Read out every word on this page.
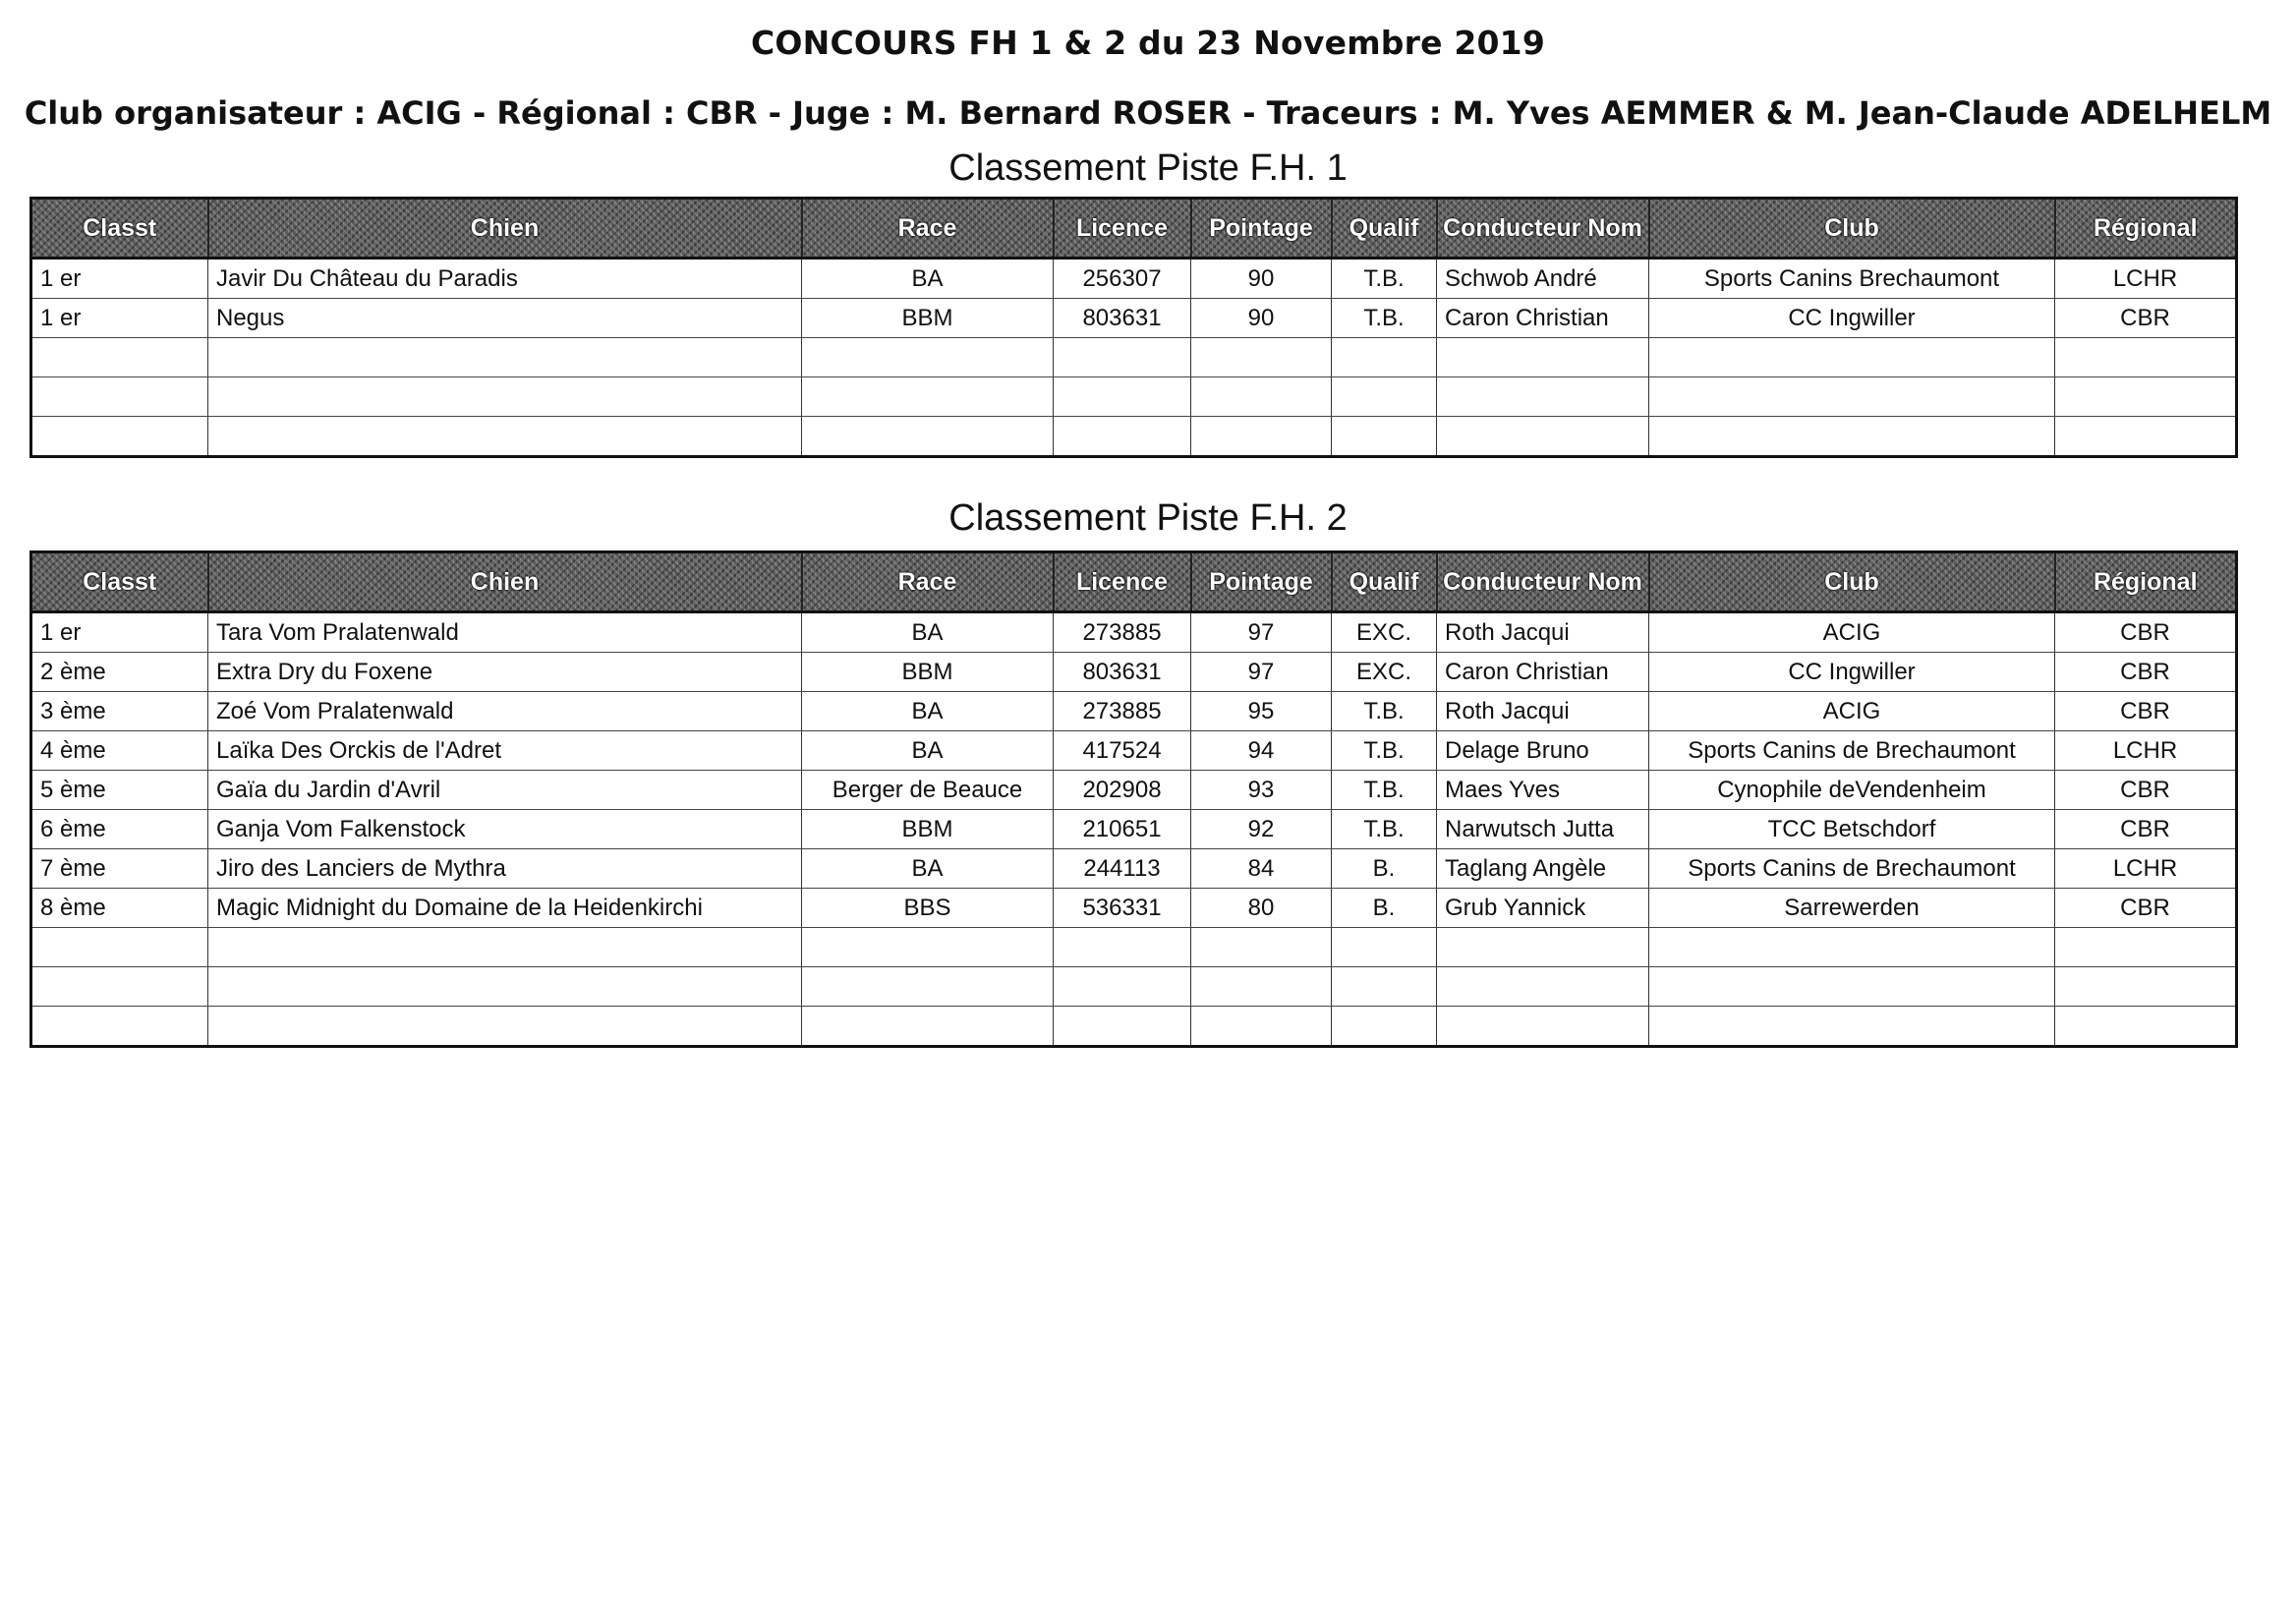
CONCOURS FH 1 & 2 du 23 Novembre 2019
Club organisateur : ACIG - Régional : CBR - Juge : M. Bernard ROSER - Traceurs : M. Yves AEMMER & M. Jean-Claude ADELHELM
Classement Piste F.H. 1
Classt	Chien	Race	Licence	Pointage	Qualif	Conducteur Nom	Club	Régional
1 er	Javir Du Château du Paradis	BA	256307	90	T.B.	Schwob André	Sports Canins Brechaumont	LCHR
1 er	Negus	BBM	803631	90	T.B.	Caron Christian	CC Ingwiller	CBR

Classement Piste F.H. 2
Classt	Chien	Race	Licence	Pointage	Qualif	Conducteur Nom	Club	Régional
1 er	Tara Vom Pralatenwald	BA	273885	97	EXC.	Roth Jacqui	ACIG	CBR
2 ème	Extra Dry du Foxene	BBM	803631	97	EXC.	Caron Christian	CC Ingwiller	CBR
3 ème	Zoé Vom Pralatenwald	BA	273885	95	T.B.	Roth Jacqui	ACIG	CBR
4 ème	Laïka Des Orckis de l'Adret	BA	417524	94	T.B.	Delage Bruno	Sports Canins de Brechaumont	LCHR
5 ème	Gaïa du Jardin d'Avril	Berger de Beauce	202908	93	T.B.	Maes Yves	Cynophile deVendenheim	CBR
6 ème	Ganja Vom Falkenstock	BBM	210651	92	T.B.	Narwutsch Jutta	TCC Betschdorf	CBR
7 ème	Jiro des Lanciers de Mythra	BA	244113	84	B.	Taglang Angèle	Sports Canins de Brechaumont	LCHR
8 ème	Magic Midnight du Domaine de la Heidenkirchi	BBS	536331	80	B.	Grub Yannick	Sarrewerden	CBR
